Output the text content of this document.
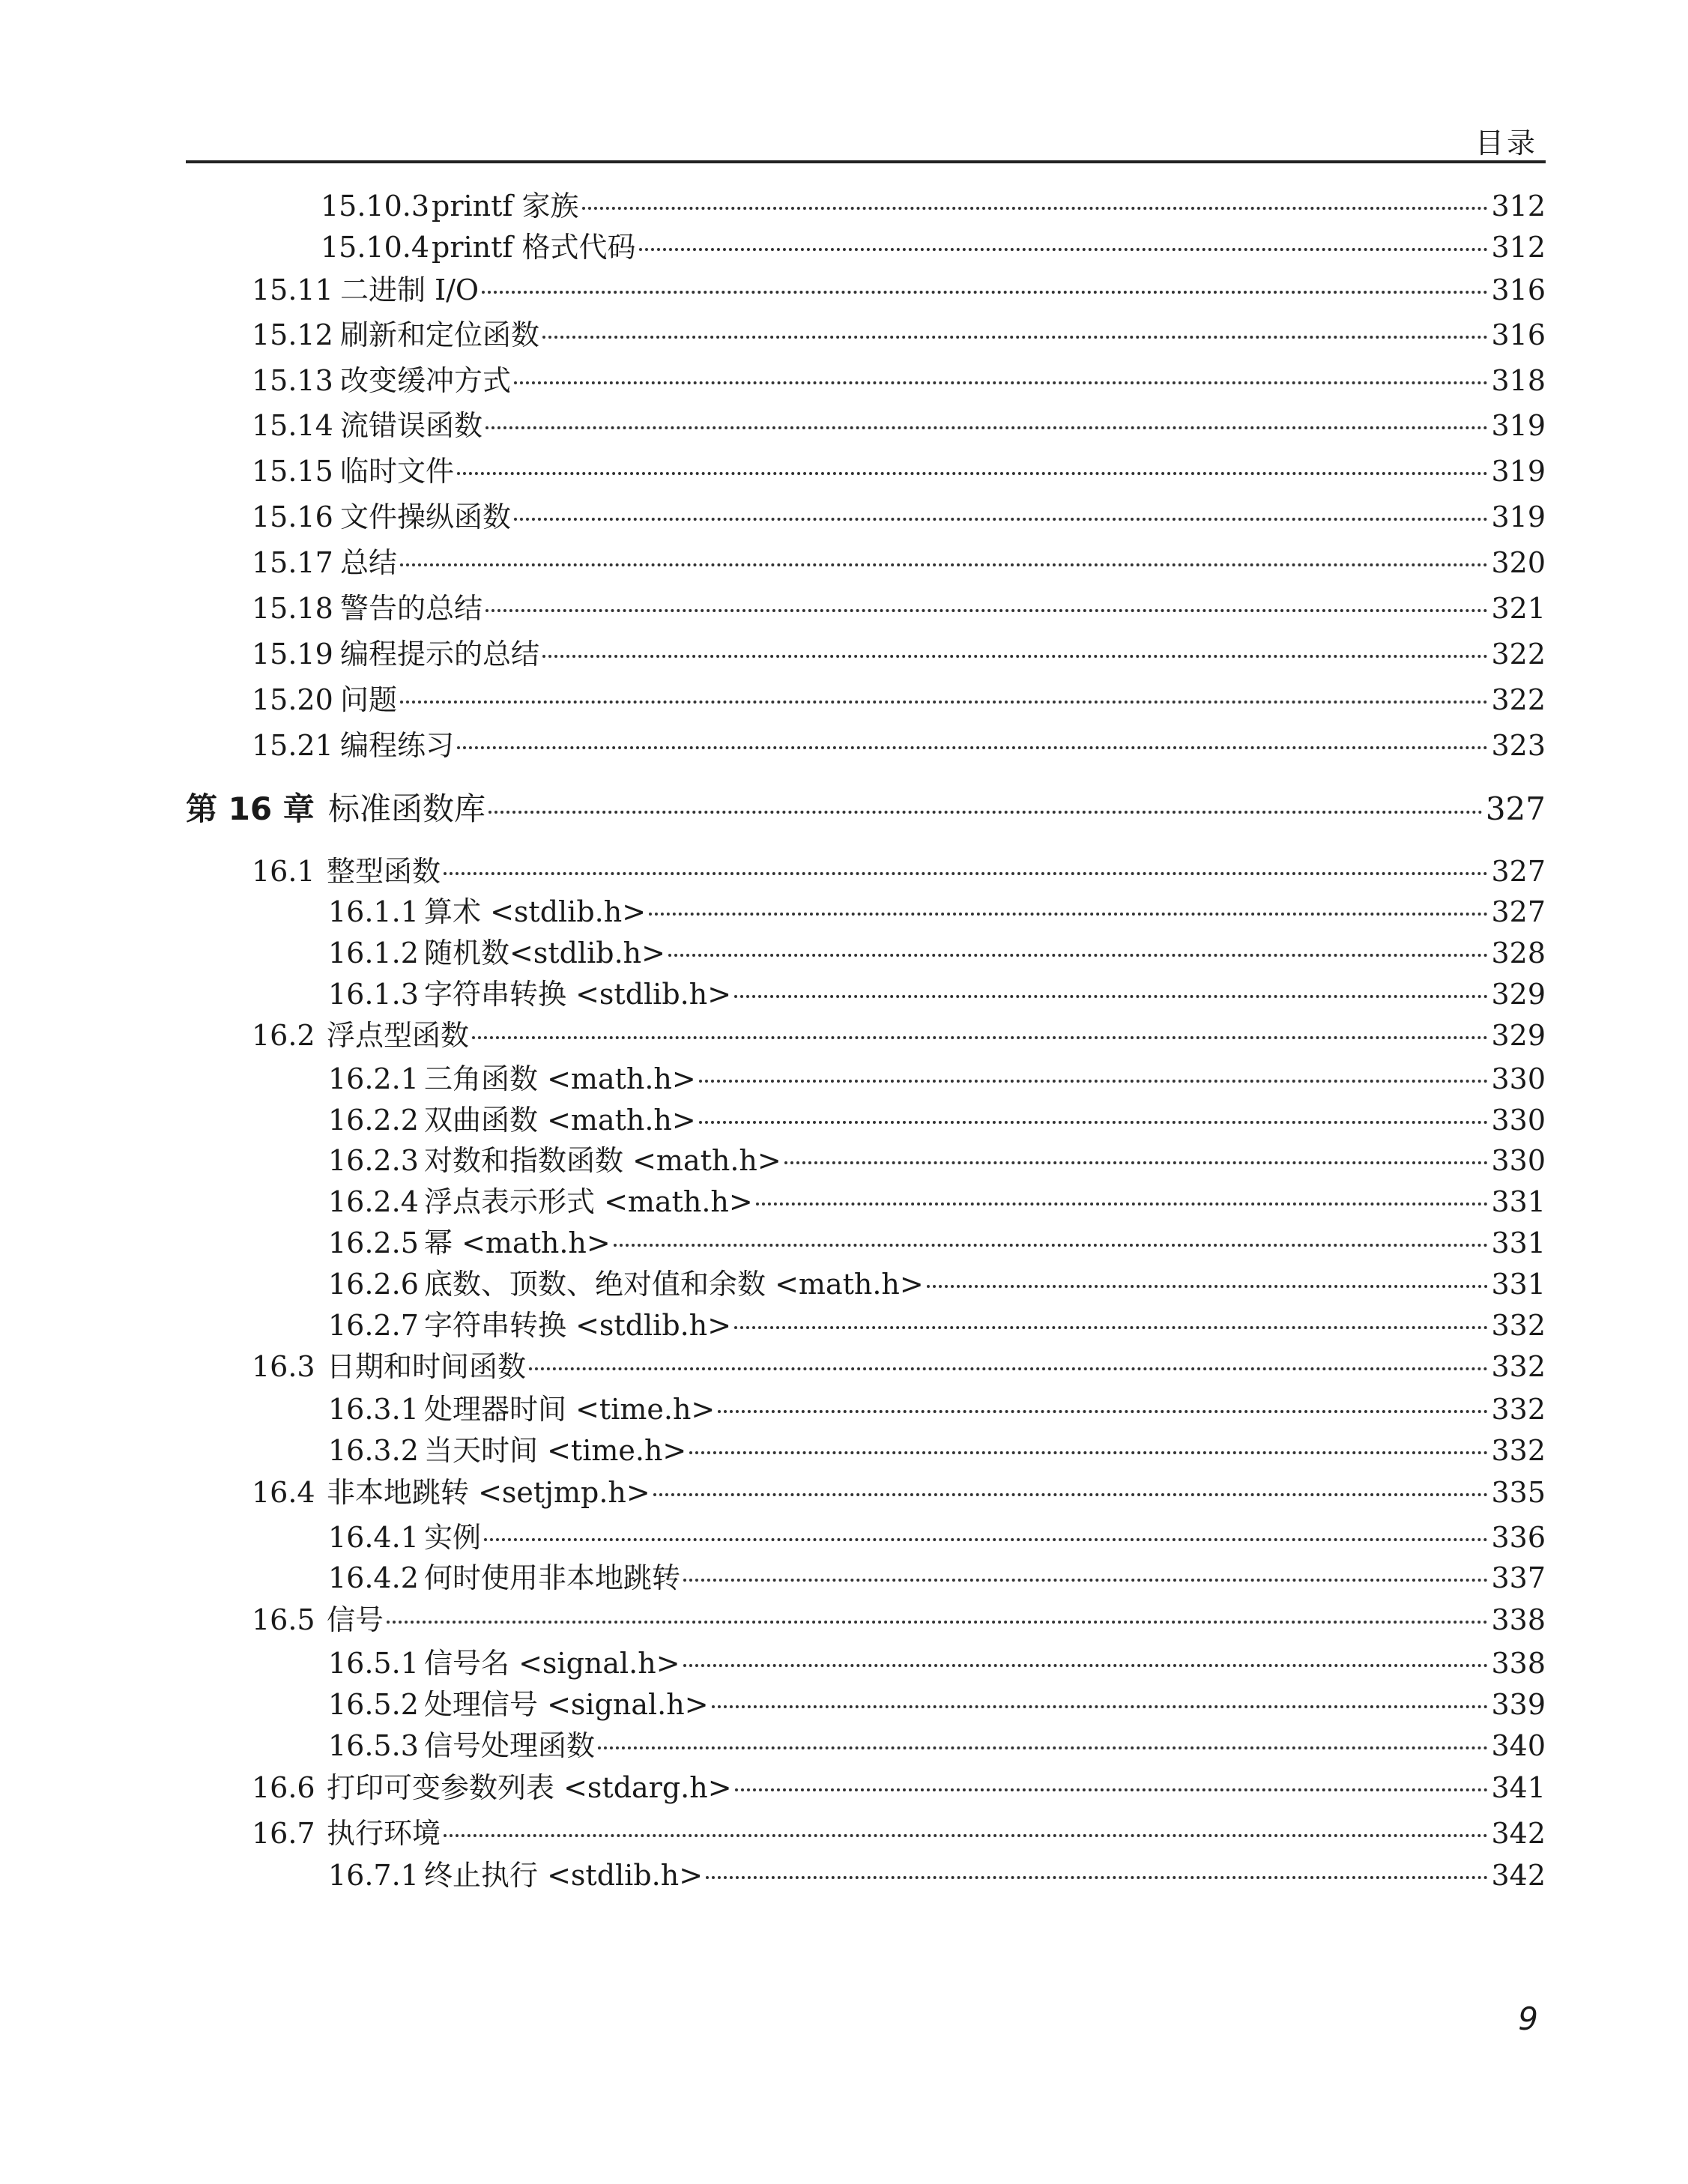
目录
15.10.3 printf 家族	312
15.10.4 printf 格式代码	312
15.11 二进制 I/O	316
15.12 刷新和定位函数	316
15.13 改变缓冲方式	318
15.14 流错误函数	319
15.15 临时文件	319
15.16 文件操纵函数	319
15.17 总结	320
15.18 警告的总结	321
15.19 编程提示的总结	322
15.20 问题	322
15.21 编程练习	323
第 16 章 标准函数库	327
16.1 整型函数	327
16.1.1 算术 <stdlib.h>	327
16.1.2 随机数<stdlib.h>	328
16.1.3 字符串转换 <stdlib.h>	329
16.2 浮点型函数	329
16.2.1 三角函数 <math.h>	330
16.2.2 双曲函数 <math.h>	330
16.2.3 对数和指数函数 <math.h>	330
16.2.4 浮点表示形式 <math.h>	331
16.2.5 幂 <math.h>	331
16.2.6 底数、顶数、绝对值和余数 <math.h>	331
16.2.7 字符串转换 <stdlib.h>	332
16.3 日期和时间函数	332
16.3.1 处理器时间 <time.h>	332
16.3.2 当天时间 <time.h>	332
16.4 非本地跳转 <setjmp.h>	335
16.4.1 实例	336
16.4.2 何时使用非本地跳转	337
16.5 信号	338
16.5.1 信号名 <signal.h>	338
16.5.2 处理信号 <signal.h>	339
16.5.3 信号处理函数	340
16.6 打印可变参数列表 <stdarg.h>	341
16.7 执行环境	342
16.7.1 终止执行 <stdlib.h>	342
9
